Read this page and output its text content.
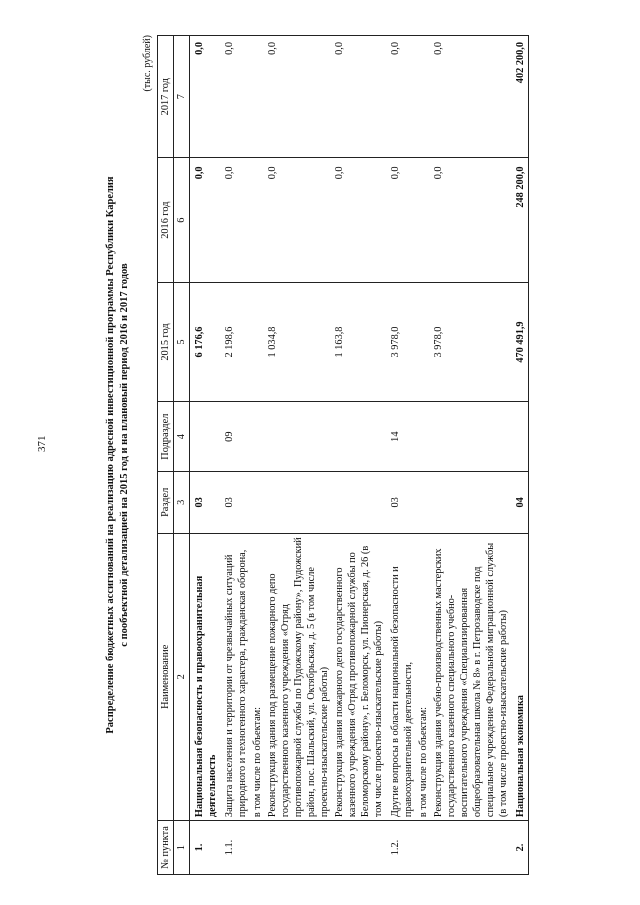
371	Распределение бюджетных ассигнований на реализацию адресной инвестиционной программы Республики Карелия с пообъектной детализацией на 2015 год и на плановый период 2016 и 2017 годов
(тыс. рублей)
№ пункта	Наименование	Раздел	Подраздел	2015 год	2016 год	2017 год
1	2	3	4	5	6	7
1.	Национальная безопасность и правоохранительная деятельность	03		6 176,6	0,0	0,0
1.1.	Защита населения и территории от чрезвычайных ситуаций природного и техногенного характера, гражданская оборона,	03	09	2 198,6	0,0	0,0
	в том числе по объектам:					
	Реконструкция здания под размещение пожарного депо государственного казенного учреждения «Отряд противопожарной службы по Пудожскому району», Пудожский район, пос. Шальский, ул. Октябрьская, д. 5 (в том числе проектно-изыскательские работы)			1 034,8	0,0	0,0
	Реконструкция здания пожарного депо государственного казенного учреждения «Отряд противопожарной службы по Беломорскому району», г. Беломорск, ул. Пионерская, д. 26 (в том числе проектно-изыскательские работы)			1 163,8	0,0	0,0
1.2.	Другие вопросы в области национальной безопасности и правоохранительной деятельности,	03	14	3 978,0	0,0	0,0
	в том числе по объектам:					
	Реконструкция здания учебно-производственных мастерских государственного казенного специального учебно-воспитательного учреждения «Специализированная общеобразовательная школа № 8» в г. Петрозаводске под специальное учреждение Федеральной миграционной службы (в том числе проектно-изыскательские работы)			3 978,0	0,0	0,0
2.	Национальная экономика	04		470 491,9	248 200,0	402 200,0
